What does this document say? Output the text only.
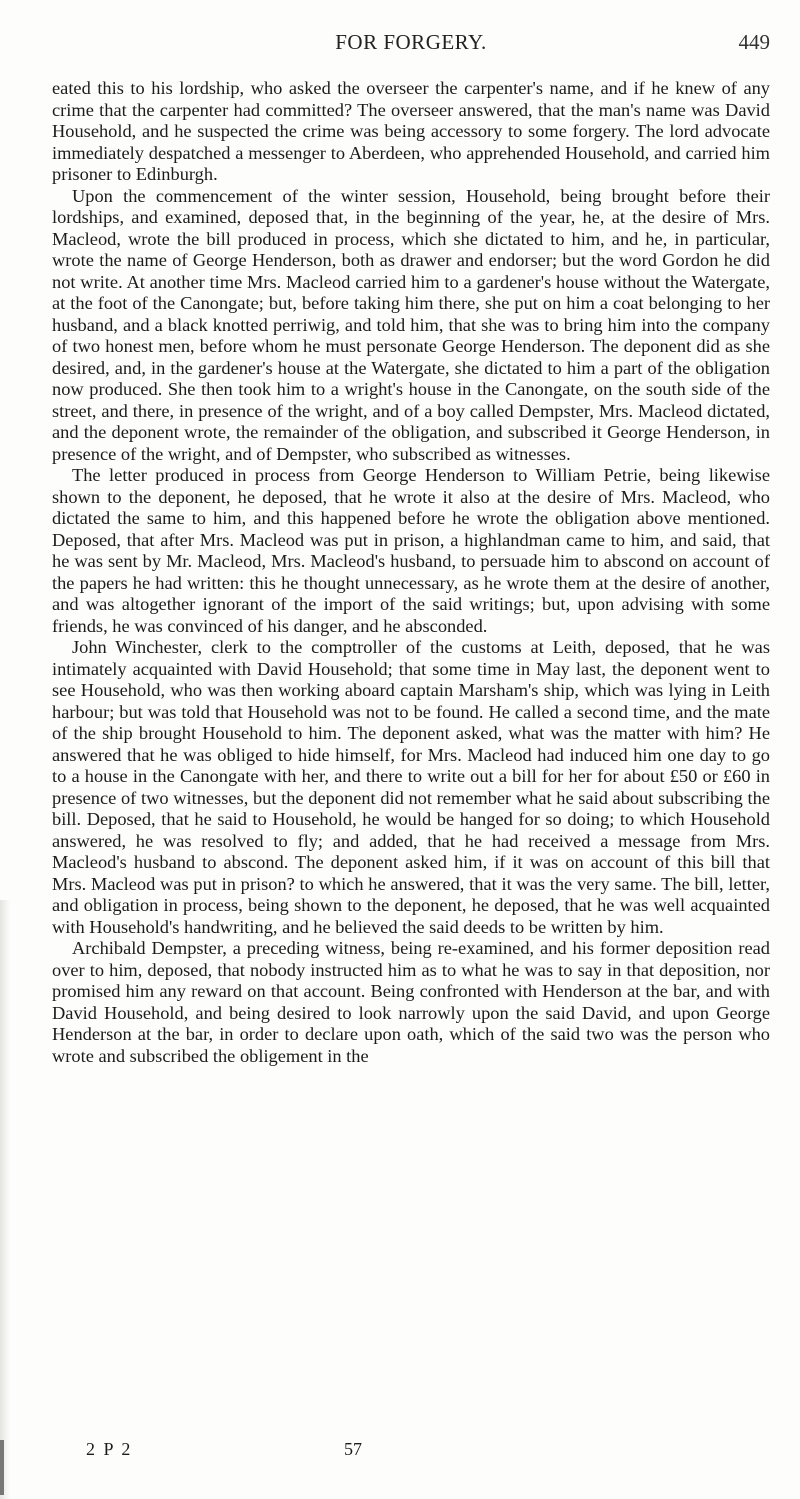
FOR FORGERY.	449

eated this to his lordship, who asked the overseer the carpenter's name, and if he knew of any crime that the carpenter had committed? The overseer answered, that the man's name was David Household, and he suspected the crime was being accessory to some forgery. The lord advocate immediately despatched a messenger to Aberdeen, who apprehended Household, and carried him prisoner to Edinburgh.

Upon the commencement of the winter session, Household, being brought before their lordships, and examined, deposed that, in the beginning of the year, he, at the desire of Mrs. Macleod, wrote the bill produced in process, which she dictated to him, and he, in particular, wrote the name of George Henderson, both as drawer and endorser; but the word Gordon he did not write. At another time Mrs. Macleod carried him to a gardener's house without the Watergate, at the foot of the Canongate; but, before taking him there, she put on him a coat belonging to her husband, and a black knotted perriwig, and told him, that she was to bring him into the company of two honest men, before whom he must personate George Henderson. The deponent did as she desired, and, in the gardener's house at the Watergate, she dictated to him a part of the obligation now produced. She then took him to a wright's house in the Canongate, on the south side of the street, and there, in presence of the wright, and of a boy called Dempster, Mrs. Macleod dictated, and the deponent wrote, the remainder of the obligation, and subscribed it George Henderson, in presence of the wright, and of Dempster, who subscribed as witnesses.

The letter produced in process from George Henderson to William Petrie, being likewise shown to the deponent, he deposed, that he wrote it also at the desire of Mrs. Macleod, who dictated the same to him, and this happened before he wrote the obligation above mentioned. Deposed, that after Mrs. Macleod was put in prison, a highlandman came to him, and said, that he was sent by Mr. Macleod, Mrs. Macleod's husband, to persuade him to abscond on account of the papers he had written: this he thought unnecessary, as he wrote them at the desire of another, and was altogether ignorant of the import of the said writings; but, upon advising with some friends, he was convinced of his danger, and he absconded.

John Winchester, clerk to the comptroller of the customs at Leith, deposed, that he was intimately acquainted with David Household; that some time in May last, the deponent went to see Household, who was then working aboard captain Marsham's ship, which was lying in Leith harbour; but was told that Household was not to be found. He called a second time, and the mate of the ship brought Household to him. The deponent asked, what was the matter with him? He answered that he was obliged to hide himself, for Mrs. Macleod had induced him one day to go to a house in the Canongate with her, and there to write out a bill for her for about £50 or £60 in presence of two witnesses, but the deponent did not remember what he said about subscribing the bill. Deposed, that he said to Household, he would be hanged for so doing; to which Household answered, he was resolved to fly; and added, that he had received a message from Mrs. Macleod's husband to abscond. The deponent asked him, if it was on account of this bill that Mrs. Macleod was put in prison? to which he answered, that it was the very same. The bill, letter, and obligation in process, being shown to the deponent, he deposed, that he was well acquainted with Household's handwriting, and he believed the said deeds to be written by him.

Archibald Dempster, a preceding witness, being re-examined, and his former deposition read over to him, deposed, that nobody instructed him as to what he was to say in that deposition, nor promised him any reward on that account. Being confronted with Henderson at the bar, and with David Household, and being desired to look narrowly upon the said David, and upon George Henderson at the bar, in order to declare upon oath, which of the said two was the person who wrote and subscribed the obligement in the

2 P 2	57
